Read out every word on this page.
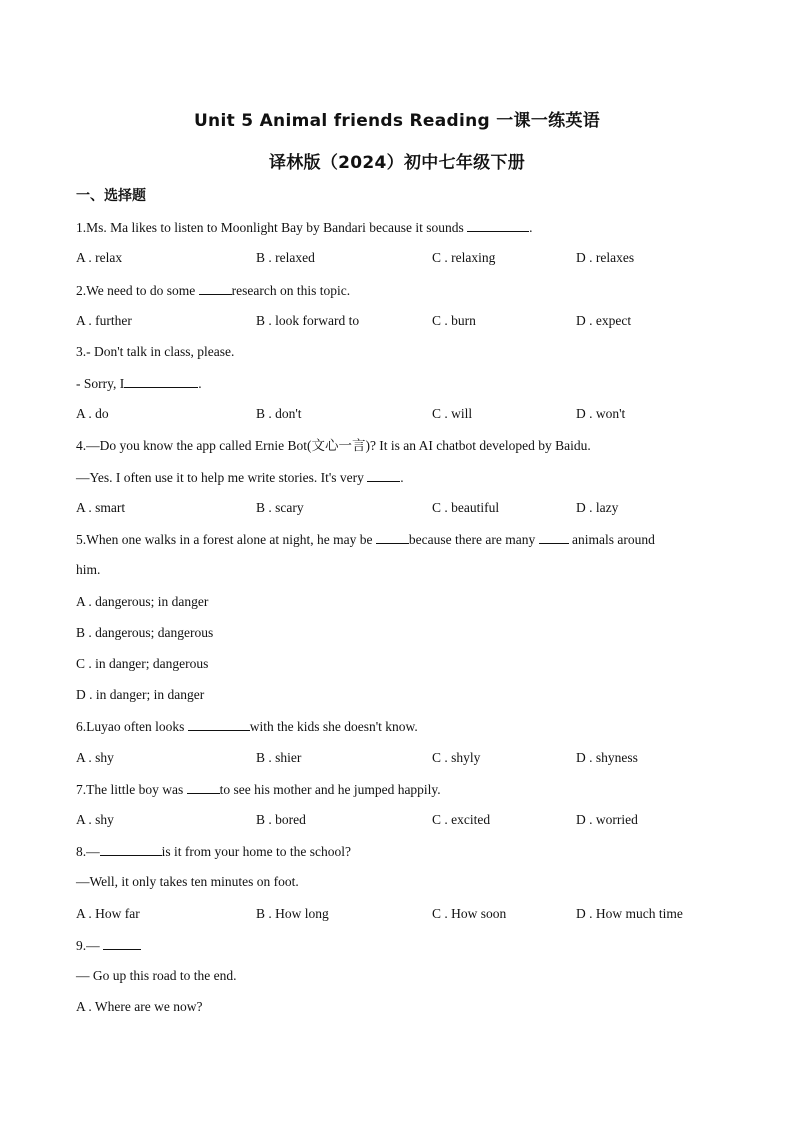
Unit 5 Animal friends Reading 一课一练英语
译林版（2024）初中七年级下册
一、选择题
1.Ms. Ma likes to listen to Moonlight Bay by Bandari because it sounds	.
A . relax	B . relaxed	C . relaxing	D . relaxes
2.We need to do some research on this topic.
A . further	B . look forward to	C . burn	D . expect
3.- Don't talk in class, please.
- Sorry, I	.
A . do	B . don't	C . will	D . won't
4.—Do you know the app called Ernie Bot(文心一言)? It is an AI chatbot developed by Baidu.
—Yes. I often use it to help me write stories. It's very .
A . smart	B . scary	C . beautiful	D . lazy
5.When one walks in a forest alone at night, he may be because there are many  animals around
him.
A . dangerous; in danger
B . dangerous; dangerous
C . in danger; dangerous
D . in danger; in danger
6.Luyao often looks	with the kids she doesn't know.
A . shy	B . shier	C . shyly	D . shyness
7.The little boy was to see his mother and he jumped happily.
A . shy	B . bored	C . excited	D . worried
8.—	is it from your home to the school?
—Well, it only takes ten minutes on foot.
A . How far	B . How long	C . How soon	D . How much time
9.—
— Go up this road to the end.
A . Where are we now?
